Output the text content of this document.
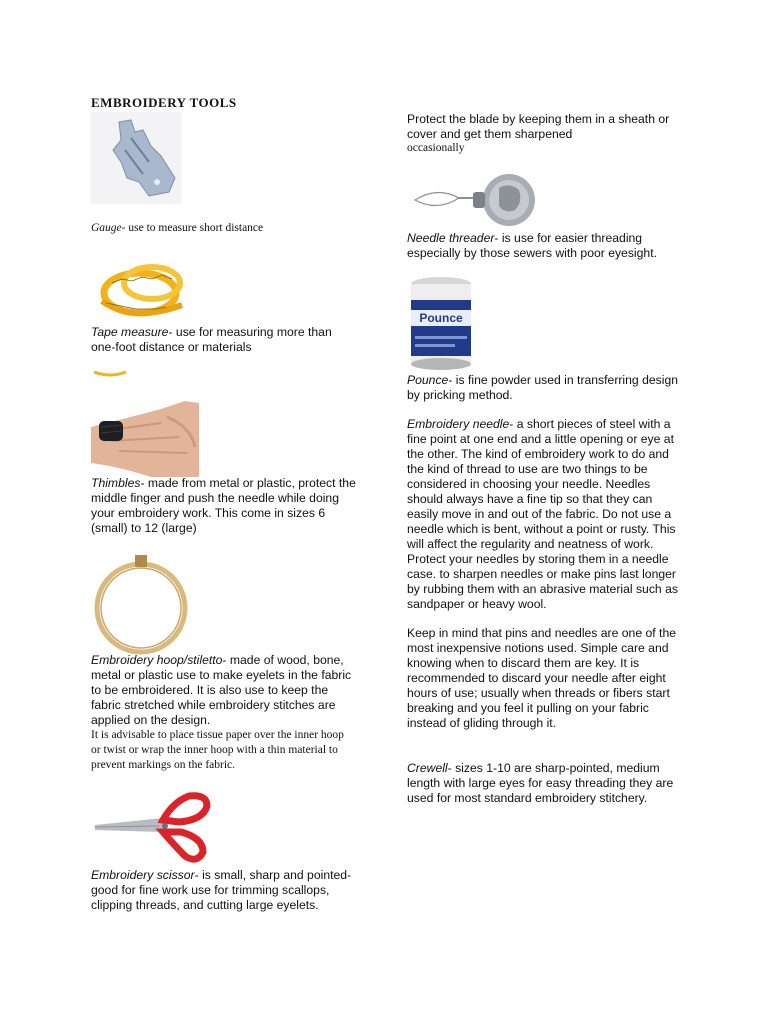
EMBROIDERY TOOLS

Gauge- use to measure short distance

Tape measure- use for measuring more than one-foot distance or materials

Thimbles- made from metal or plastic, protect the middle finger and push the needle while doing your embroidery work. This come in sizes 6 (small) to 12 (large)

Embroidery hoop/stiletto- made of wood, bone, metal or plastic use to make eyelets in the fabric to be embroidered. It is also use to keep the fabric stretched while embroidery stitches are applied on the design.

It is advisable to place tissue paper over the inner hoop or twist or wrap the inner hoop with a thin material to prevent markings on the fabric.

Embroidery scissor- is small, sharp and pointed-good for fine work use for trimming scallops, clipping threads, and cutting large eyelets.

Protect the blade by keeping them in a sheath or cover and get them sharpened

occasionally

Needle threader- is use for easier threading especially by those sewers with poor eyesight.

Pounce

Pounce- is fine powder used in transferring design by pricking method.

Embroidery needle- a short pieces of steel with a fine point at one end and a little opening or eye at the other. The kind of embroidery work to do and the kind of thread to use are two things to be considered in choosing your needle. Needles should always have a fine tip so that they can easily move in and out of the fabric. Do not use a needle which is bent, without a point or rusty. This will affect the regularity and neatness of work. Protect your needles by storing them in a needle case. to sharpen needles or make pins last longer by rubbing them with an abrasive material such as sandpaper or heavy wool.

Keep in mind that pins and needles are one of the most inexpensive notions used. Simple care and knowing when to discard them are key. It is recommended to discard your needle after eight hours of use; usually when threads or fibers start breaking and you feel it pulling on your fabric instead of gliding through it.

Crewell- sizes 1-10 are sharp-pointed, medium length with large eyes for easy threading they are used for most standard embroidery stitchery.
